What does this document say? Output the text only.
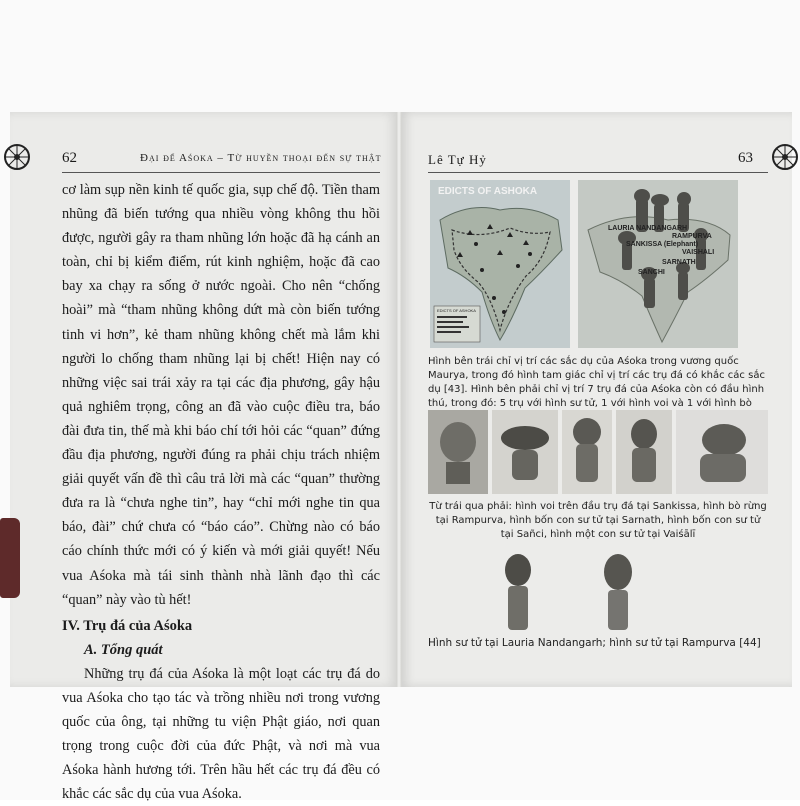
62	Đại đế Aśoka – Từ huyền thoại đến sự thật

cơ làm sụp nền kinh tế quốc gia, sụp chế độ. Tiền tham nhũng đã biến tướng qua nhiều vòng không thu hồi được, người gây ra tham nhũng lớn hoặc đã hạ cánh an toàn, chỉ bị kiểm điểm, rút kinh nghiệm, hoặc đã cao bay xa chạy ra sống ở nước ngoài. Cho nên “chống hoài” mà “tham nhũng không dứt mà còn biến tướng tinh vi hơn”, kẻ tham nhũng không chết mà lắm khi người lo chống tham nhũng lại bị chết! Hiện nay có những việc sai trái xảy ra tại các địa phương, gây hậu quả nghiêm trọng, công an đã vào cuộc điều tra, báo đài đưa tin, thế mà khi báo chí tới hỏi các “quan” đứng đầu địa phương, người đúng ra phải chịu trách nhiệm giải quyết vấn đề thì câu trả lời mà các “quan” thường đưa ra là “chưa nghe tin”, hay “chỉ mới nghe tin qua báo, đài” chứ chưa có “báo cáo”. Chừng nào có báo cáo chính thức mới có ý kiến và mới giải quyết! Nếu vua Aśoka mà tái sinh thành nhà lãnh đạo thì các “quan” này vào tù hết!

IV. Trụ đá của Aśoka

A. Tổng quát

Những trụ đá của Aśoka là một loạt các trụ đá do vua Aśoka cho tạo tác và trồng nhiều nơi trong vương quốc của ông, tại những tu viện Phật giáo, nơi quan trọng trong cuộc đời của đức Phật, và nơi mà vua Aśoka hành hương tới. Trên hầu hết các trụ đá đều có khắc các sắc dụ của vua Aśoka.

Lê Tự Hỷ	63
EDICTS OF ASHOKA
EDICTS OF ASHOKA
LAURIA NANDANGARH
RAMPURVA
SANKISSA (Elephant)
VAISHALI
SARNATH
SANCHI
Hình bên trái chỉ vị trí các sắc dụ của Aśoka trong vương quốc Maurya, trong đó hình tam giác chỉ vị trí các trụ đá có khắc các sắc dụ [43]. Hình bên phải chỉ vị trí 7 trụ đá của Aśoka còn có đầu hình thú, trong đó: 5 trụ với hình sư tử, 1 với hình voi và 1 với hình bò
Từ trái qua phải: hình voi trên đầu trụ đá tại Sankissa, hình bò rừng tại Rampurva, hình bốn con sư tử tại Sarnath, hình bốn con sư tử tại Sañci, hình một con sư tử tại Vaiśālī
Hình sư tử tại Lauria Nandangarh; hình sư tử tại Rampurva [44]
